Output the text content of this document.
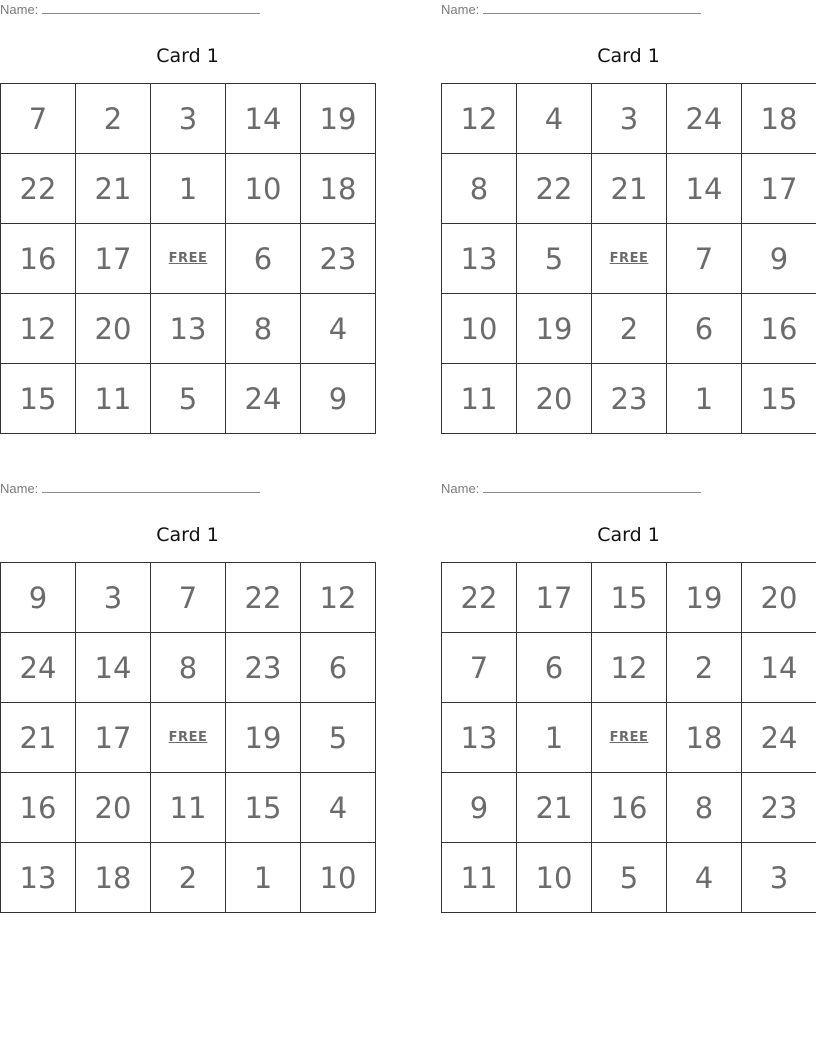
Name:
Card 1
7	2	3	14	19
22	21	1	10	18
16	17	FREE	6	23
12	20	13	8	4
15	11	5	24	9
Name:
Card 1
12	4	3	24	18
8	22	21	14	17
13	5	FREE	7	9
10	19	2	6	16
11	20	23	1	15
Name:
Card 1
9	3	7	22	12
24	14	8	23	6
21	17	FREE	19	5
16	20	11	15	4
13	18	2	1	10
Name:
Card 1
22	17	15	19	20
7	6	12	2	14
13	1	FREE	18	24
9	21	16	8	23
11	10	5	4	3
